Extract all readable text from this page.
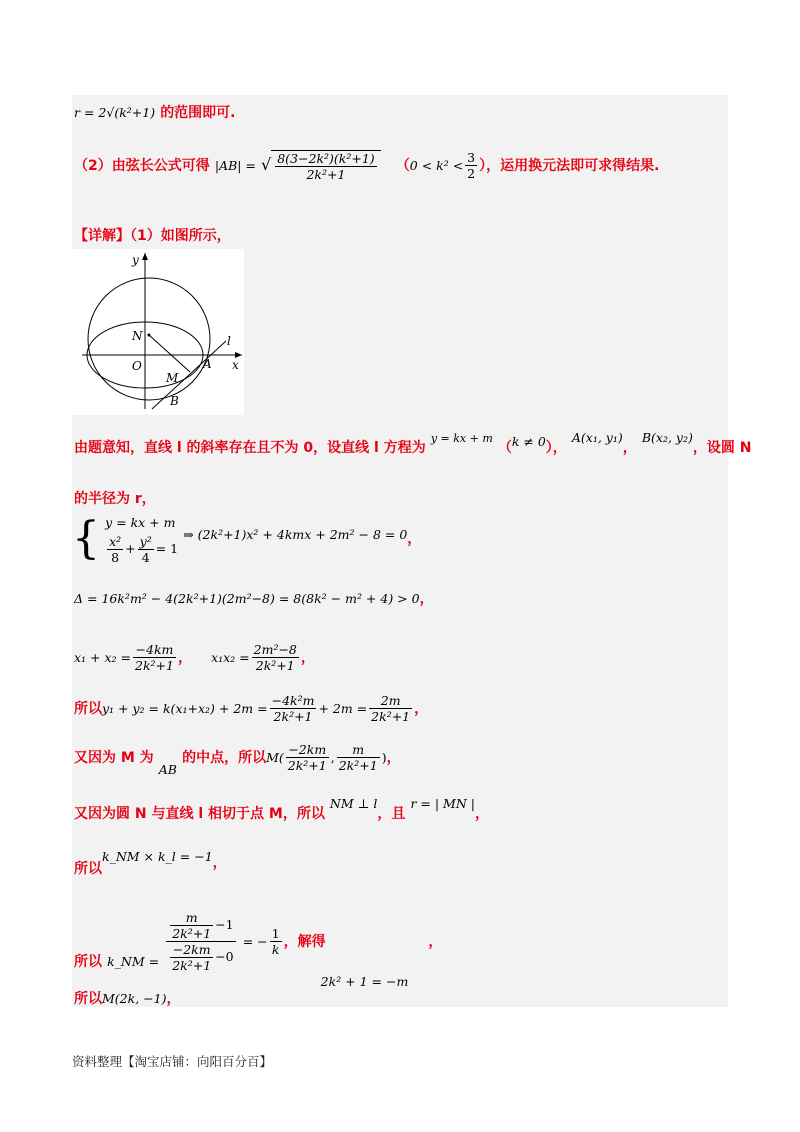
r = 2√(k²+1) 的范围即可.
（2）由弦长公式可得 |AB| = √ $\frac{\text{8(3−2k²)(k²+1)}}{\text{2k²+1}} (0 < k^2 < \frac{3}{2}$ ），运用换元法即可求得结果.
【详解】（1）如图所示，
y
x
O
N
M
A
B
l
由题意知，直线 l 的斜率存在且不为 0，设直线 l 方程为 $^{y = kx + m}$ （$^{k \ne 0}$）， $^{A(x_1, y_1)}$， $^{B(x_2, y_2)}$，设圆 N
的半径为 r，
{ y = kx + m
$\frac{\text{x²}}{8} + \frac{\text{y²}}{4} = 1$
$^{\Rightarrow (2k^2+1)x^2 + 4kmx + 2m^2 - 8 = 0}$，
Δ = 16k²m² − 4(2k²+1)(2m²−8) = 8(8k² − m² + 4) > 0，
$x_1 + x_2 = \frac{-4km}{\text{2k²+1}}$ ， $x_1x_2 = \frac{\text{2m²−8}}{\text{2k²+1}}$ ，
所以$y_1 + y_2 = k(x_1+x_2) + 2m = \frac{\text{−4k²m}}{\text{2k²+1}} + 2m = \frac{2m}{\text{2k²+1}}$ ，
又因为 M 为 $_{AB}$ 的中点，所以$M( \frac{-2km}{\text{2k²+1}}$ , $\frac{m}{\text{2k²+1}}$ )，
又因为圆 N 与直线 l 相切于点 M，所以 $^{NM \perp l}$，且 $^{r = | MN |}$，
所以$^{k\_NM \times k\_l = -1}$，
所以 $_{k\_NM =} \frac{\frac{m}{\text{2k²+1}} -1}{\frac{-2km}{\text{2k²+1}} -0} _{= -} \frac{1}{k}$ ，解得 $_{2k^2 + 1 = -m}$，
所以M(2k, −1)，
资料整理【淘宝店铺：向阳百分百】
